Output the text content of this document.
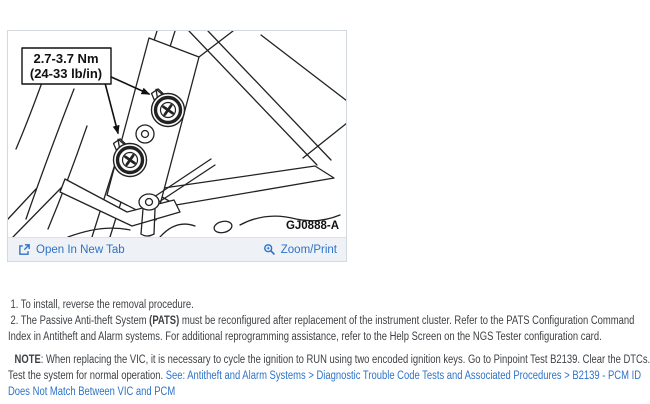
2.7-3.7 Nm
(24-33 lb/in)
GJ0888-A
Open In New Tab	Zoom/Print
1. To install, reverse the removal procedure.
2. The Passive Anti-theft System (PATS) must be reconfigured after replacement of the instrument cluster. Refer to the PATS Configuration Command
Index in Antitheft and Alarm systems. For additional reprogramming assistance, refer to the Help Screen on the NGS Tester configuration card.
NOTE: When replacing the VIC, it is necessary to cycle the ignition to RUN using two encoded ignition keys. Go to Pinpoint Test B2139. Clear the DTCs.
Test the system for normal operation. See: Antitheft and Alarm Systems > Diagnostic Trouble Code Tests and Associated Procedures > B2139 - PCM ID
Does Not Match Between VIC and PCM
